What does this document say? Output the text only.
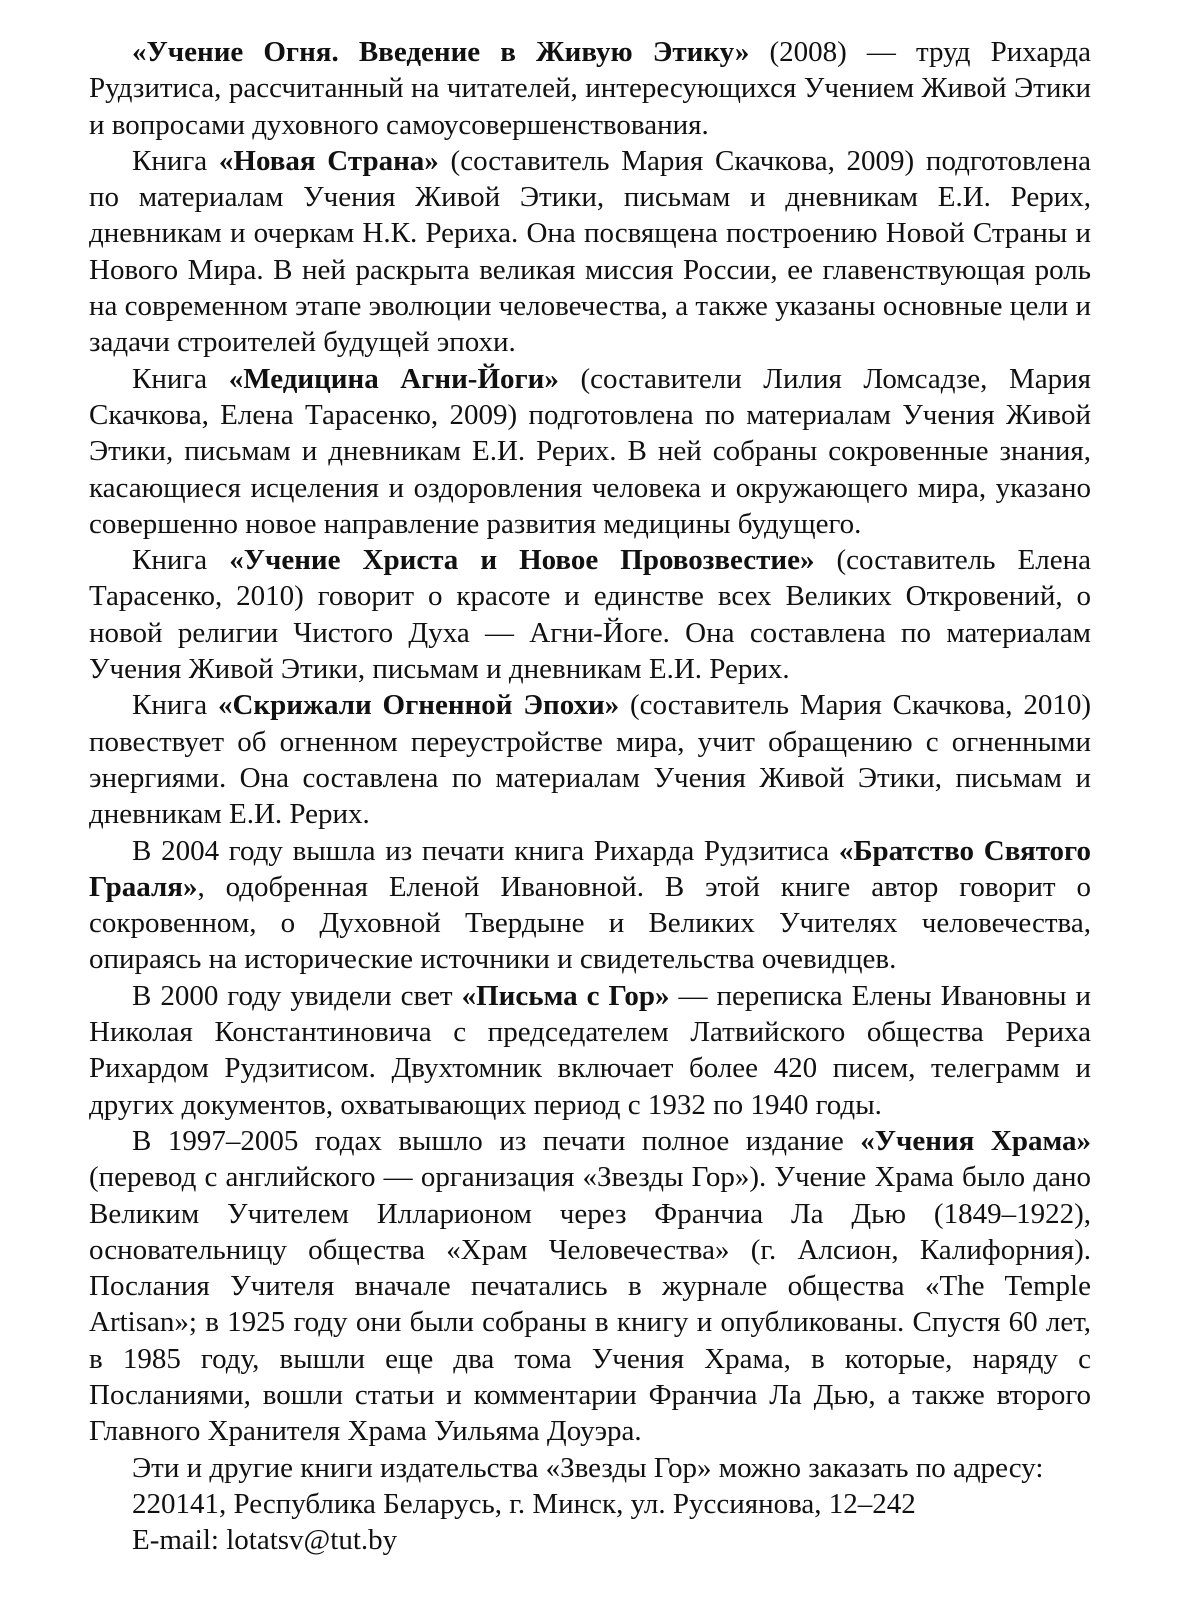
«Учение Огня. Введение в Живую Этику» (2008) — труд Рихарда Рудзитиса, рассчитанный на читателей, интересующихся Учением Живой Этики и вопросами духовного самоусовершенствования.

Книга «Новая Страна» (составитель Мария Скачкова, 2009) подготовлена по материалам Учения Живой Этики, письмам и дневникам Е.И. Рерих, дневникам и очеркам Н.К. Рериха. Она посвящена построению Новой Страны и Нового Мира. В ней раскрыта великая миссия России, ее главенствующая роль на современном этапе эволюции человечества, а также указаны основные цели и задачи строителей будущей эпохи.

Книга «Медицина Агни-Йоги» (составители Лилия Ломсадзе, Мария Скачкова, Елена Тарасенко, 2009) подготовлена по материалам Учения Живой Этики, письмам и дневникам Е.И. Рерих. В ней собраны сокровенные знания, касающиеся исцеления и оздоровления человека и окружающего мира, указано совершенно новое направление развития медицины будущего.

Книга «Учение Христа и Новое Провозвестие» (составитель Елена Тарасенко, 2010) говорит о красоте и единстве всех Великих Откровений, о новой религии Чистого Духа — Агни-Йоге. Она составлена по материалам Учения Живой Этики, письмам и дневникам Е.И. Рерих.

Книга «Скрижали Огненной Эпохи» (составитель Мария Скачкова, 2010) повествует об огненном переустройстве мира, учит обращению с огненными энергиями. Она составлена по материалам Учения Живой Этики, письмам и дневникам Е.И. Рерих.

В 2004 году вышла из печати книга Рихарда Рудзитиса «Братство Святого Грааля», одобренная Еленой Ивановной. В этой книге автор говорит о сокровенном, о Духовной Твердыне и Великих Учителях человечества, опираясь на исторические источники и свидетельства очевидцев.

В 2000 году увидели свет «Письма с Гор» — переписка Елены Ивановны и Николая Константиновича с председателем Латвийского общества Рериха Рихардом Рудзитисом. Двухтомник включает более 420 писем, телеграмм и других документов, охватывающих период с 1932 по 1940 годы.

В 1997–2005 годах вышло из печати полное издание «Учения Храма» (перевод с английского — организация «Звезды Гор»). Учение Храма было дано Великим Учителем Илларионом через Франчиа Ла Дью (1849–1922), основательницу общества «Храм Человечества» (г. Алсион, Калифорния). Послания Учителя вначале печатались в журнале общества «The Temple Artisan»; в 1925 году они были собраны в книгу и опубликованы. Спустя 60 лет, в 1985 году, вышли еще два тома Учения Храма, в которые, наряду с Посланиями, вошли статьи и комментарии Франчиа Ла Дью, а также второго Главного Хранителя Храма Уильяма Доуэра.

Эти и другие книги издательства «Звезды Гор» можно заказать по адресу:
220141, Республика Беларусь, г. Минск, ул. Руссиянова, 12–242
E-mail: lotatsv@tut.by
